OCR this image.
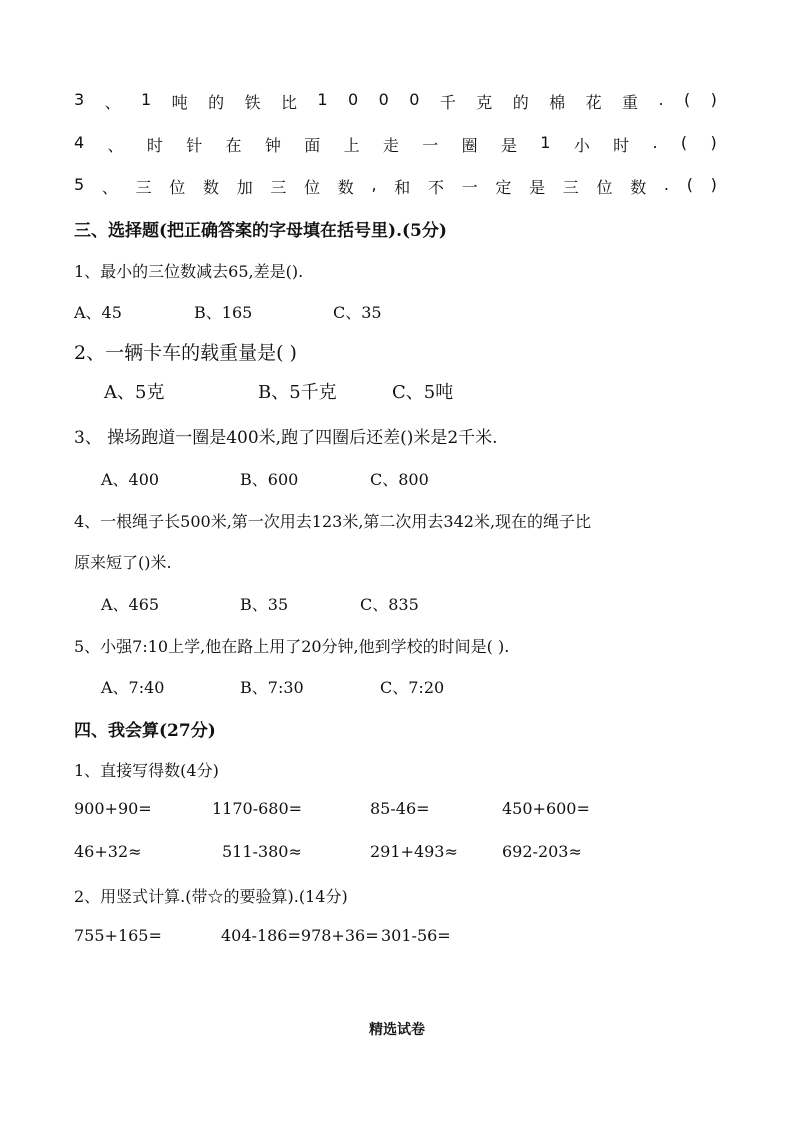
3 、 1 吨 的 铁 比 1 0 0 0 千 克 的 棉 花 重 . ( )
4 、 时 针 在 钟 面 上 走 一 圈 是 1 小 时 . ( )
5 、 三 位 数 加 三 位 数 , 和 不 一 定 是 三 位 数 . ( )
三、选择题(把正确答案的字母填在括号里).(5分)
1、最小的三位数减去65,差是().
A、45	B、165	C、35
2、一辆卡车的载重量是( )
A、5克	B、5千克	C、5吨
3、 操场跑道一圈是400米,跑了四圈后还差()米是2千米.
A、400	B、600	C、800
4、一根绳子长500米,第一次用去123米,第二次用去342米,现在的绳子比
原来短了()米.
A、465	B、35	C、835
5、小强7:10上学,他在路上用了20分钟,他到学校的时间是( ).
A、7:40	B、7:30	C、7:20
四、我会算(27分)
1、直接写得数(4分)
900+90=	1170-680=	85-46=	450+600=
46+32≈	511-380≈	291+493≈	692-203≈
2、用竖式计算.(带☆的要验算).(14分)
755+165=	404-186=978+36= 301-56=
精选试卷
